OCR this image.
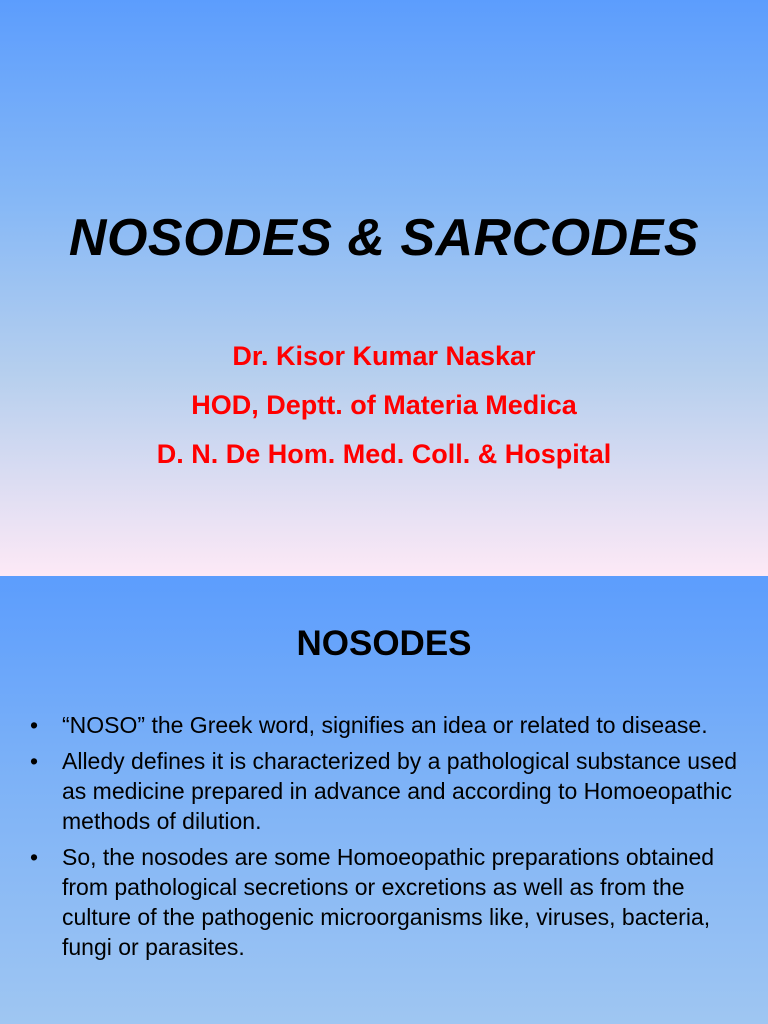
NOSODES & SARCODES
Dr. Kisor Kumar Naskar
HOD, Deptt. of Materia Medica
D. N. De Hom. Med. Coll. & Hospital
NOSODES
•	“NOSO” the Greek word, signifies an idea or related to disease.
•	Alledy defines it is characterized by a pathological substance used as medicine prepared in advance and according to Homoeopathic methods of dilution.
•	So, the nosodes are some Homoeopathic preparations obtained from pathological secretions or excretions as well as from the culture of the pathogenic microorganisms like, viruses, bacteria, fungi or parasites.
